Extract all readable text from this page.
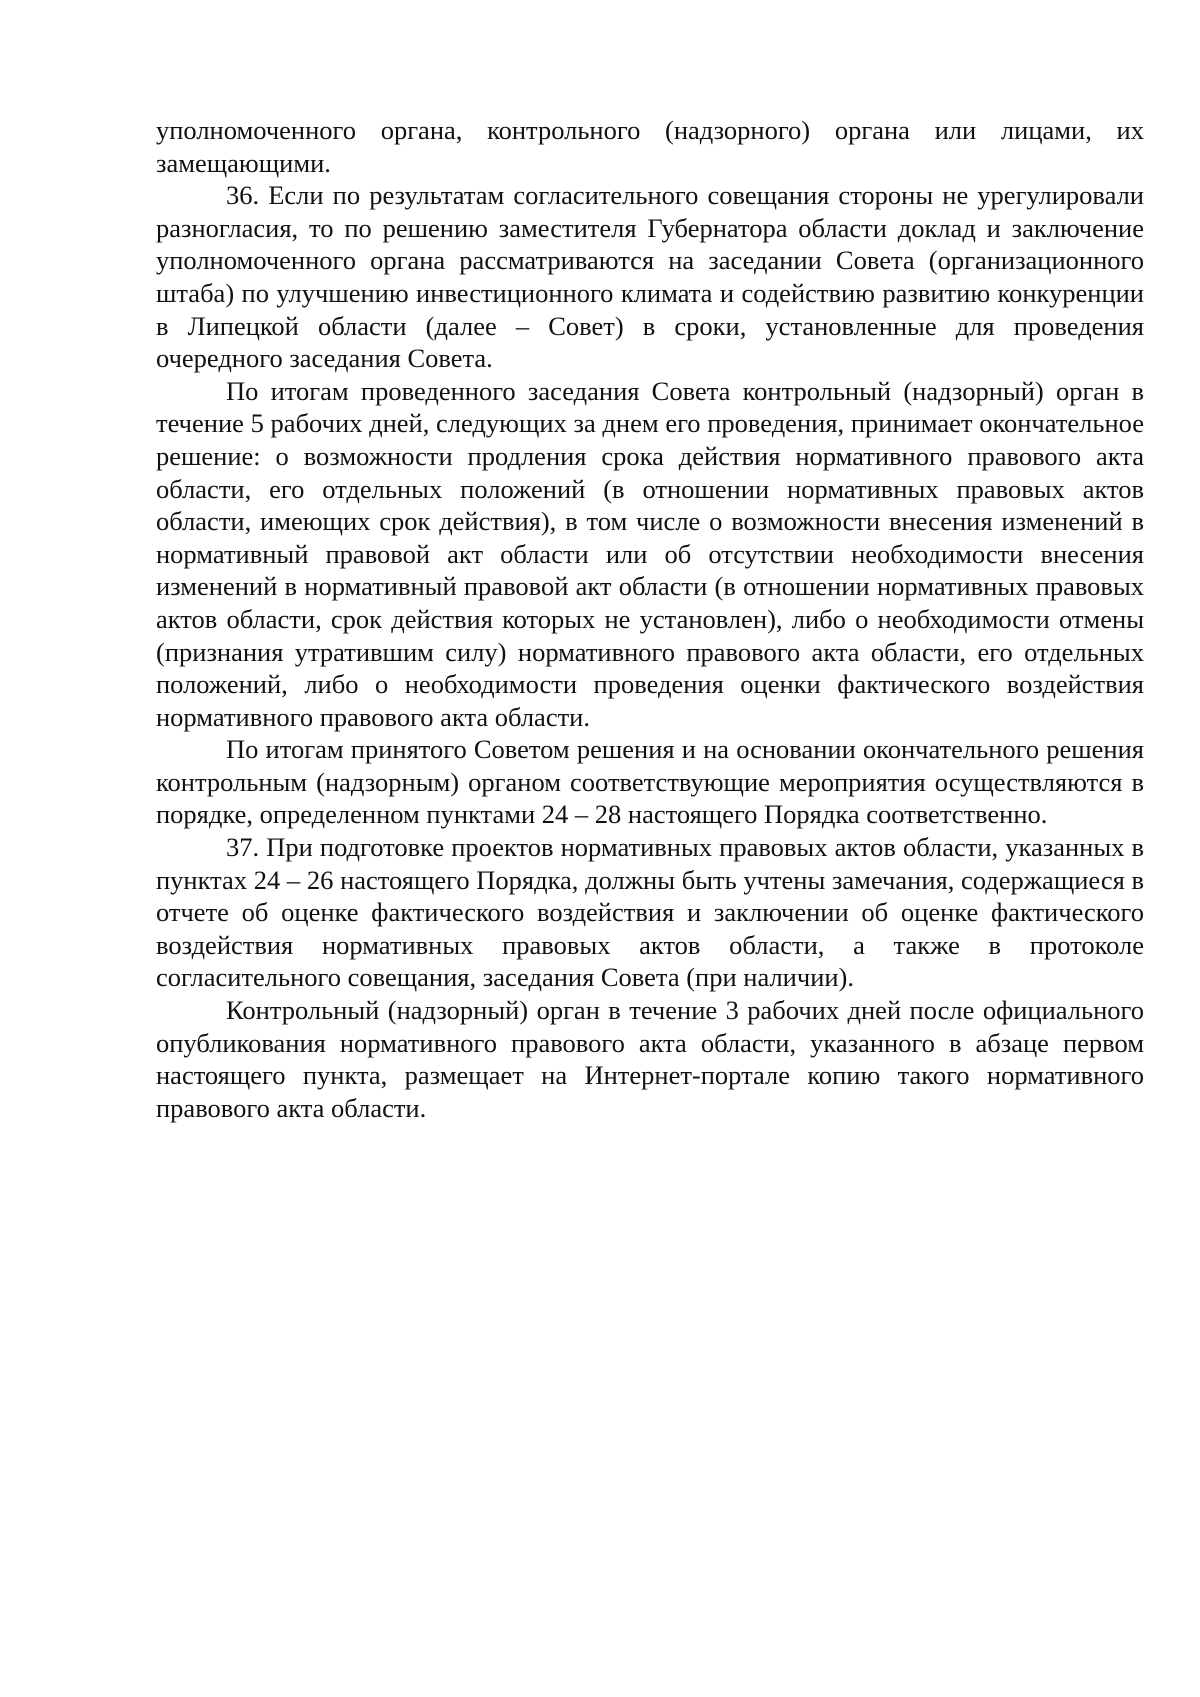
уполномоченного органа, контрольного (надзорного) органа или лицами, их замещающими.

36. Если по результатам согласительного совещания стороны не урегулировали разногласия, то по решению заместителя Губернатора области доклад и заключение уполномоченного органа рассматриваются на заседании Совета (организационного штаба) по улучшению инвестиционного климата и содействию развитию конкуренции в Липецкой области (далее – Совет) в сроки, установленные для проведения очередного заседания Совета.

По итогам проведенного заседания Совета контрольный (надзорный) орган в течение 5 рабочих дней, следующих за днем его проведения, принимает окончательное решение: о возможности продления срока действия нормативного правового акта области, его отдельных положений (в отношении нормативных правовых актов области, имеющих срок действия), в том числе о возможности внесения изменений в нормативный правовой акт области или об отсутствии необходимости внесения изменений в нормативный правовой акт области (в отношении нормативных правовых актов области, срок действия которых не установлен), либо о необходимости отмены (признания утратившим силу) нормативного правового акта области, его отдельных положений, либо о необходимости проведения оценки фактического воздействия нормативного правового акта области.

По итогам принятого Советом решения и на основании окончательного решения контрольным (надзорным) органом соответствующие мероприятия осуществляются в порядке, определенном пунктами 24 – 28 настоящего Порядка соответственно.

37. При подготовке проектов нормативных правовых актов области, указанных в пунктах 24 – 26 настоящего Порядка, должны быть учтены замечания, содержащиеся в отчете об оценке фактического воздействия и заключении об оценке фактического воздействия нормативных правовых актов области, а также в протоколе согласительного совещания, заседания Совета (при наличии).

Контрольный (надзорный) орган в течение 3 рабочих дней после официального опубликования нормативного правового акта области, указанного в абзаце первом настоящего пункта, размещает на Интернет-портале копию такого нормативного правового акта области.
